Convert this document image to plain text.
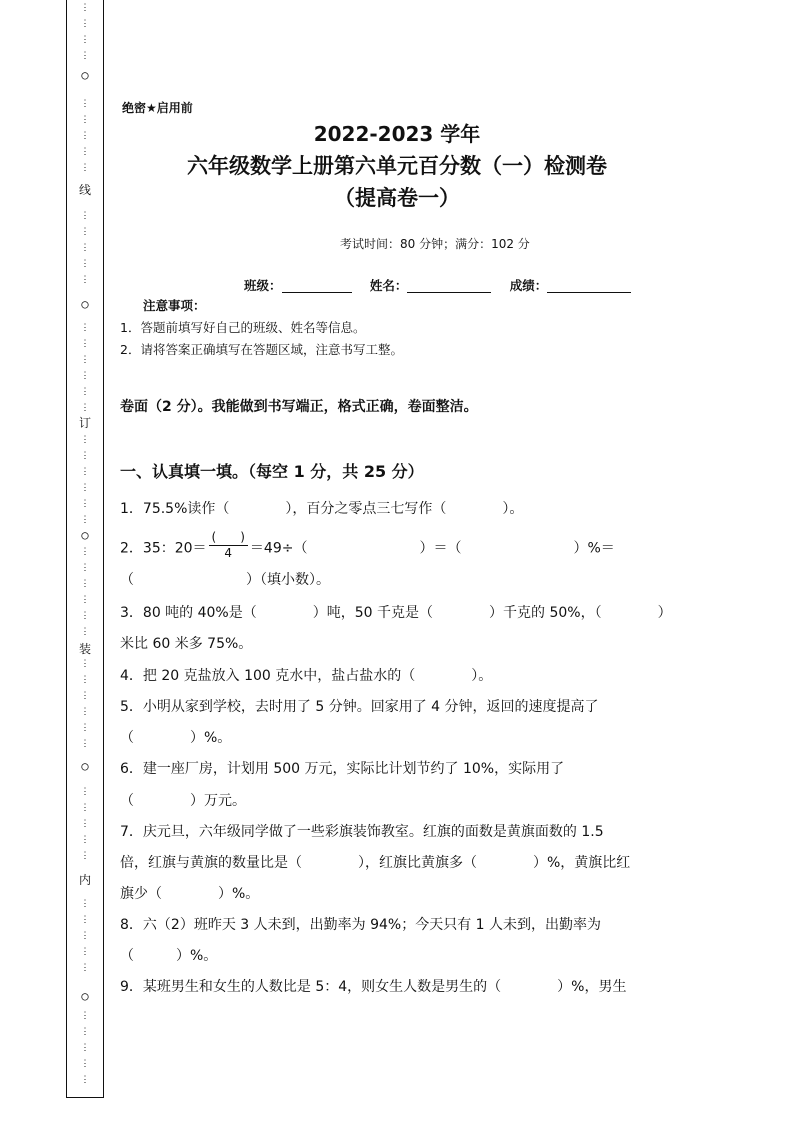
⋮
⋮
⋮
⋮
⋮
⋮
⋮
⋮
⋮
⋮
⋮
⋮
⋮
⋮
⋮
⋮
⋮
⋮
⋮
⋮
⋮
⋮
⋮
⋮
⋮
⋮
⋮
⋮
⋮
⋮
⋮
⋮
⋮
⋮
⋮
⋮
⋮
⋮
⋮
⋮
⋮
⋮
⋮
⋮
⋮
⋮
⋮
⋮
⋮
⋮
⋮
⋮
⋮
○
线
○
订
○
装
○
内
○
绝密★启用前
2022-2023 学年
六年级数学上册第六单元百分数（一）检测卷
（提高卷一）
考试时间：80 分钟；满分：102 分
班级：	姓名：	成绩：
注意事项：
1．答题前填写好自己的班级、姓名等信息。
2．请将答案正确填写在答题区域，注意书写工整。
卷面（2 分）。我能做到书写端正，格式正确，卷面整洁。
一、认真填一填。（每空 1 分，共 25 分）
1．75.5%读作（　　　　），百分之零点三七写作（　　　　）。
2．35：$20= \frac{( )}{4} =49\div$（　　　　　　　　）＝（　　　　　　　　）%＝
（　　　　　　　　）（填小数）。
3．80 吨的 40%是（　　　　）吨，50 千克是（　　　　）千克的 50%，（　　　　）
米比 60 米多 75%。
4．把 20 克盐放入 100 克水中，盐占盐水的（　　　　）。
5．小明从家到学校，去时用了 5 分钟。回家用了 4 分钟，返回的速度提高了
（　　　　）%。
6．建一座厂房，计划用 500 万元，实际比计划节约了 10%，实际用了
（　　　　）万元。
7．庆元旦，六年级同学做了一些彩旗装饰教室。红旗的面数是黄旗面数的 1.5
倍，红旗与黄旗的数量比是（　　　　），红旗比黄旗多（　　　　）%，黄旗比红
旗少（　　　　）%。
8．六（2）班昨天 3 人未到，出勤率为 94%；今天只有 1 人未到，出勤率为
（　　　）%。
9．某班男生和女生的人数比是 5：4，则女生人数是男生的（　　　　）%，男生
